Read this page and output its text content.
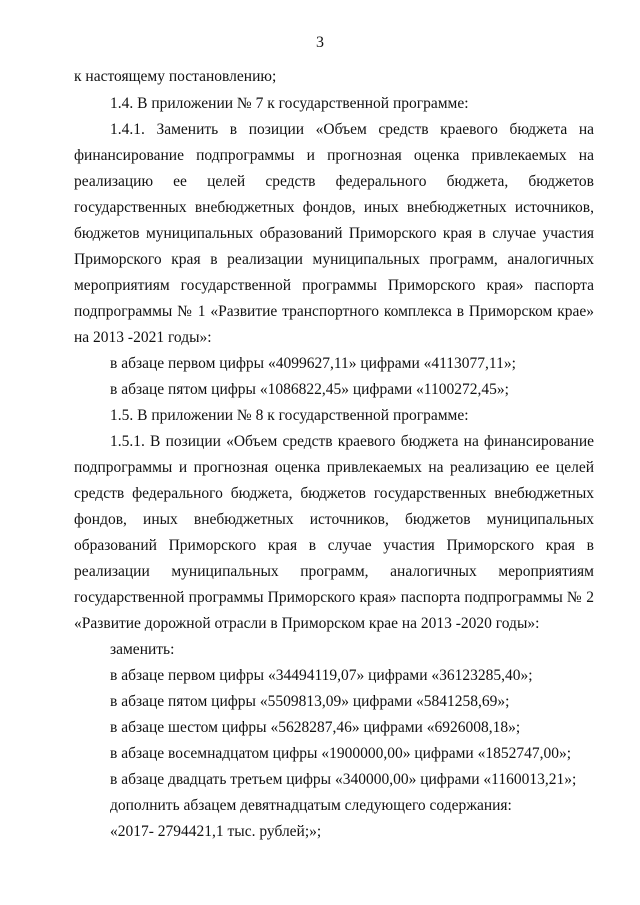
3
к настоящему постановлению;
1.4. В приложении № 7 к государственной программе:
1.4.1. Заменить в позиции «Объем средств краевого бюджета на
финансирование подпрограммы и прогнозная оценка привлекаемых на
реализацию ее целей средств федерального бюджета, бюджетов
государственных внебюджетных фондов, иных внебюджетных источников,
бюджетов муниципальных образований Приморского края в случае участия
Приморского края в реализации муниципальных программ, аналогичных
мероприятиям государственной программы Приморского края» паспорта
подпрограммы № 1 «Развитие транспортного комплекса в Приморском крае»
на 2013 -2021 годы»:
в абзаце первом цифры «4099627,11» цифрами «4113077,11»;
в абзаце пятом цифры «1086822,45» цифрами «1100272,45»;
1.5. В приложении № 8 к государственной программе:
1.5.1. В позиции «Объем средств краевого бюджета на финансирование
подпрограммы и прогнозная оценка привлекаемых на реализацию ее целей
средств федерального бюджета, бюджетов государственных внебюджетных
фондов, иных внебюджетных источников, бюджетов муниципальных
образований Приморского края в случае участия Приморского края в
реализации муниципальных программ, аналогичных мероприятиям
государственной программы Приморского края» паспорта подпрограммы № 2
«Развитие дорожной отрасли в Приморском крае на 2013 -2020 годы»:
заменить:
в абзаце первом цифры «34494119,07» цифрами «36123285,40»;
в абзаце пятом цифры «5509813,09» цифрами «5841258,69»;
в абзаце шестом цифры «5628287,46» цифрами «6926008,18»;
в абзаце восемнадцатом цифры «1900000,00» цифрами «1852747,00»;
в абзаце двадцать третьем цифры «340000,00» цифрами «1160013,21»;
дополнить абзацем девятнадцатым следующего содержания:
«2017- 2794421,1 тыс. рублей;»;
